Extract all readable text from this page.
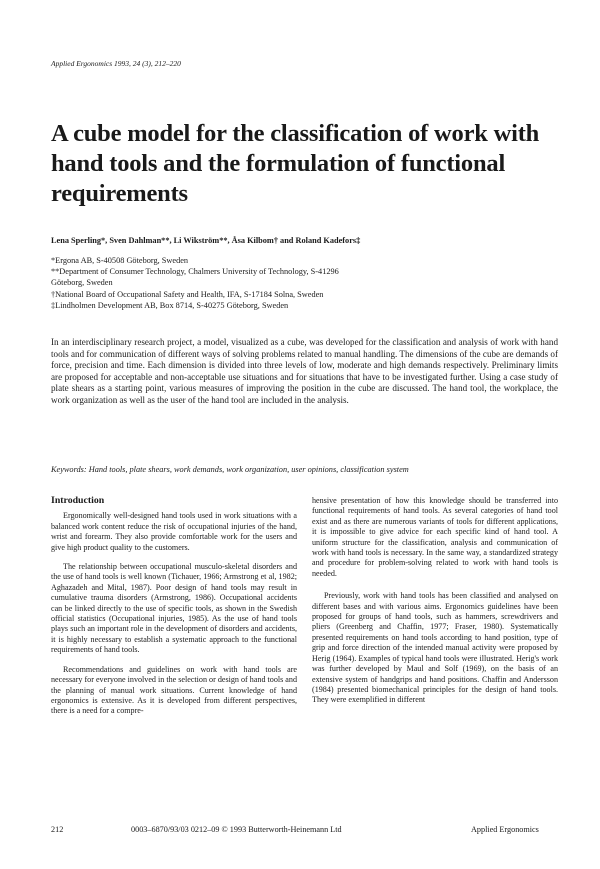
Applied Ergonomics 1993, 24 (3), 212–220
A cube model for the classification of work with hand tools and the formulation of functional requirements
Lena Sperling*, Sven Dahlman**, Li Wikström**, Åsa Kilbom† and Roland Kadefors‡
*Ergona AB, S-40508 Göteborg, Sweden
**Department of Consumer Technology, Chalmers University of Technology, S-41296
Göteborg, Sweden
†National Board of Occupational Safety and Health, IFA, S-17184 Solna, Sweden
‡Lindholmen Development AB, Box 8714, S-40275 Göteborg, Sweden

In an interdisciplinary research project, a model, visualized as a cube, was developed for the classification and analysis of work with hand tools and for communication of different ways of solving problems related to manual handling. The dimensions of the cube are demands of force, precision and time. Each dimension is divided into three levels of low, moderate and high demands respectively. Preliminary limits are proposed for acceptable and non-acceptable use situations and for situations that have to be investigated further. Using a case study of plate shears as a starting point, various measures of improving the position in the cube are discussed. The hand tool, the workplace, the work organization as well as the user of the hand tool are included in the analysis.

Keywords: Hand tools, plate shears, work demands, work organization, user opinions, classification system
Introduction

Ergonomically well-designed hand tools used in work situations with a balanced work content reduce the risk of occupational injuries of the hand, wrist and forearm. They also provide comfortable work for the users and give high product quality to the customers.

The relationship between occupational musculo-skeletal disorders and the use of hand tools is well known (Tichauer, 1966; Armstrong et al, 1982; Aghazadeh and Mital, 1987). Poor design of hand tools may result in cumulative trauma disorders (Armstrong, 1986). Occupational accidents can be linked directly to the use of specific tools, as shown in the Swedish official statistics (Occupational injuries, 1985). As the use of hand tools plays such an important role in the development of disorders and accidents, it is highly necessary to establish a systematic approach to the functional requirements of hand tools.

Recommendations and guidelines on work with hand tools are necessary for everyone involved in the selection or design of hand tools and the planning of manual work situations. Current knowledge of hand ergonomics is extensive. As it is developed from different perspectives, there is a need for a compre-

hensive presentation of how this knowledge should be transferred into functional requirements of hand tools. As several categories of hand tool exist and as there are numerous variants of tools for different applications, it is impossible to give advice for each specific kind of hand tool. A uniform structure for the classification, analysis and communication of work with hand tools is necessary. In the same way, a standardized strategy and procedure for problem-solving related to work with hand tools is needed.

Previously, work with hand tools has been classified and analysed on different bases and with various aims. Ergonomics guidelines have been proposed for groups of hand tools, such as hammers, screwdrivers and pliers (Greenberg and Chaffin, 1977; Fraser, 1980). Systematically presented requirements on hand tools according to hand position, type of grip and force direction of the intended manual activity were proposed by Herig (1964). Examples of typical hand tools were illustrated. Herig's work was further developed by Maul and Solf (1969), on the basis of an extensive system of handgrips and hand positions. Chaffin and Andersson (1984) presented biomechanical principles for the design of hand tools. They were exemplified in different

212	0003–6870/93/03 0212–09 © 1993 Butterworth-Heinemann Ltd	Applied Ergonomics
